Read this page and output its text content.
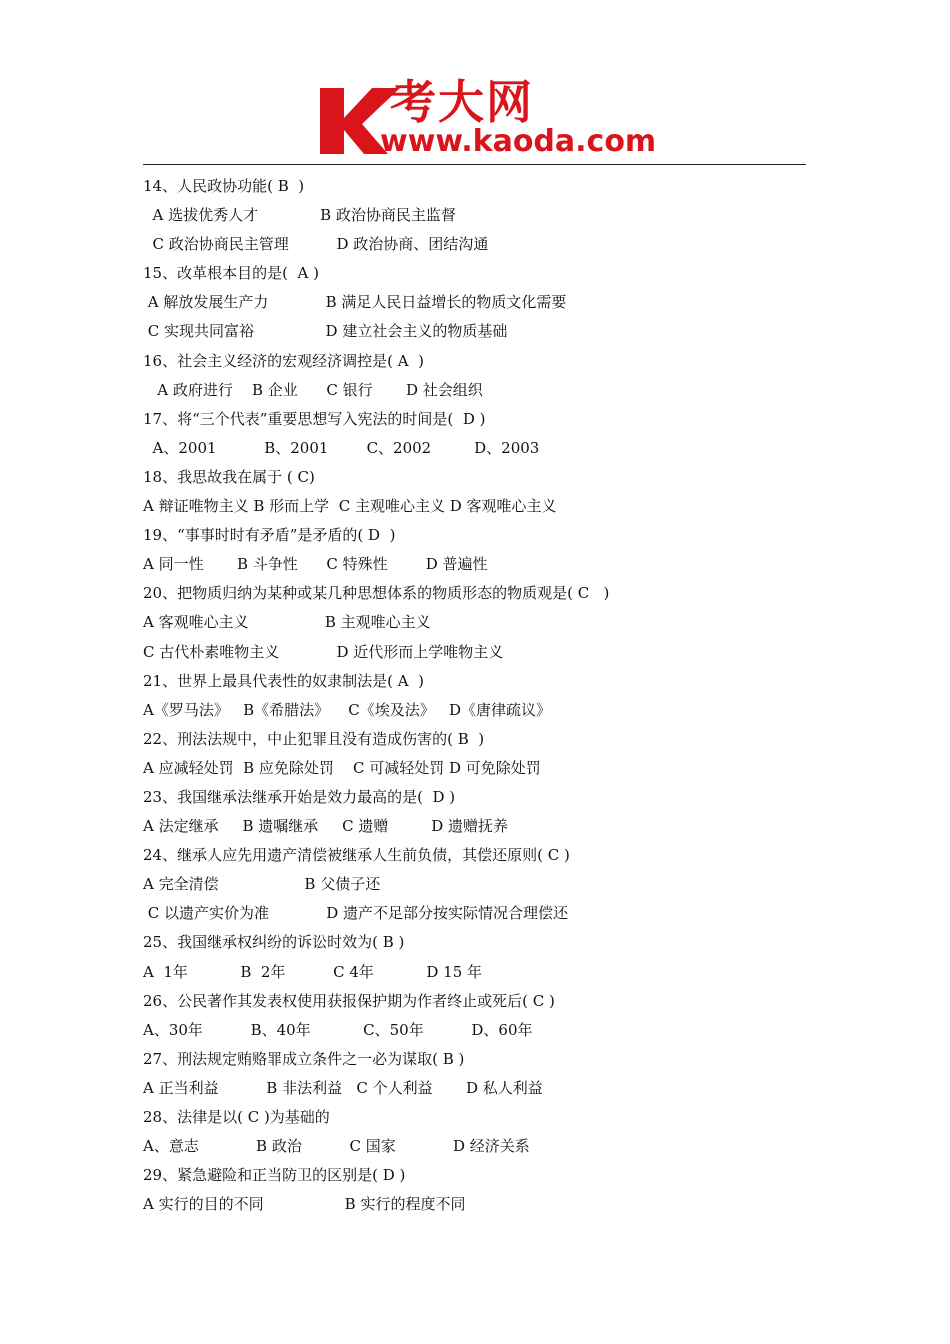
考大网
www.kaoda.com
14、人民政协功能( B  )
A 选拔优秀人才             B 政治协商民主监督
C 政治协商民主管理          D 政治协商、团结沟通
15、改革根本目的是(  A )
A 解放发展生产力            B 满足人民日益增长的物质文化需要
C 实现共同富裕               D 建立社会主义的物质基础
16、社会主义经济的宏观经济调控是( A  )
A 政府进行    B 企业      C 银行       D 社会组织
17、将“三个代表”重要思想写入宪法的时间是(  D )
A、2001          B、2001        C、2002         D、2003
18、我思故我在属于 ( C)
A 辩证唯物主义 B 形而上学  C 主观唯心主义 D 客观唯心主义
19、“事事时时有矛盾”是矛盾的( D  )
A 同一性       B 斗争性      C 特殊性        D 普遍性
20、把物质归纳为某种或某几种思想体系的物质形态的物质观是( C   )
A 客观唯心主义                B 主观唯心主义
C 古代朴素唯物主义            D 近代形而上学唯物主义
21、世界上最具代表性的奴隶制法是( A  )
A《罗马法》   B《希腊法》    C《埃及法》   D《唐律疏议》
22、刑法法规中，中止犯罪且没有造成伤害的( B  )
A 应减轻处罚  B 应免除处罚    C 可减轻处罚 D 可免除处罚
23、我国继承法继承开始是效力最高的是(  D )
A 法定继承     B 遗嘱继承     C 遗赠         D 遗赠抚养
24、继承人应先用遗产清偿被继承人生前负债，其偿还原则( C )
A 完全清偿                  B 父债子还
C 以遗产实价为准            D 遗产不足部分按实际情况合理偿还
25、我国继承权纠纷的诉讼时效为( B )
A  1年           B  2年          C 4年           D 15 年
26、公民著作其发表权使用获报保护期为作者终止或死后( C )
A、30年          B、40年           C、50年          D、60年
27、刑法规定贿赂罪成立条件之一必为谋取( B )
A 正当利益          B 非法利益   C 个人利益       D 私人利益
28、法律是以( C )为基础的
A、意志            B 政治          C 国家            D 经济关系
29、紧急避险和正当防卫的区别是( D )
A 实行的目的不同                 B 实行的程度不同
